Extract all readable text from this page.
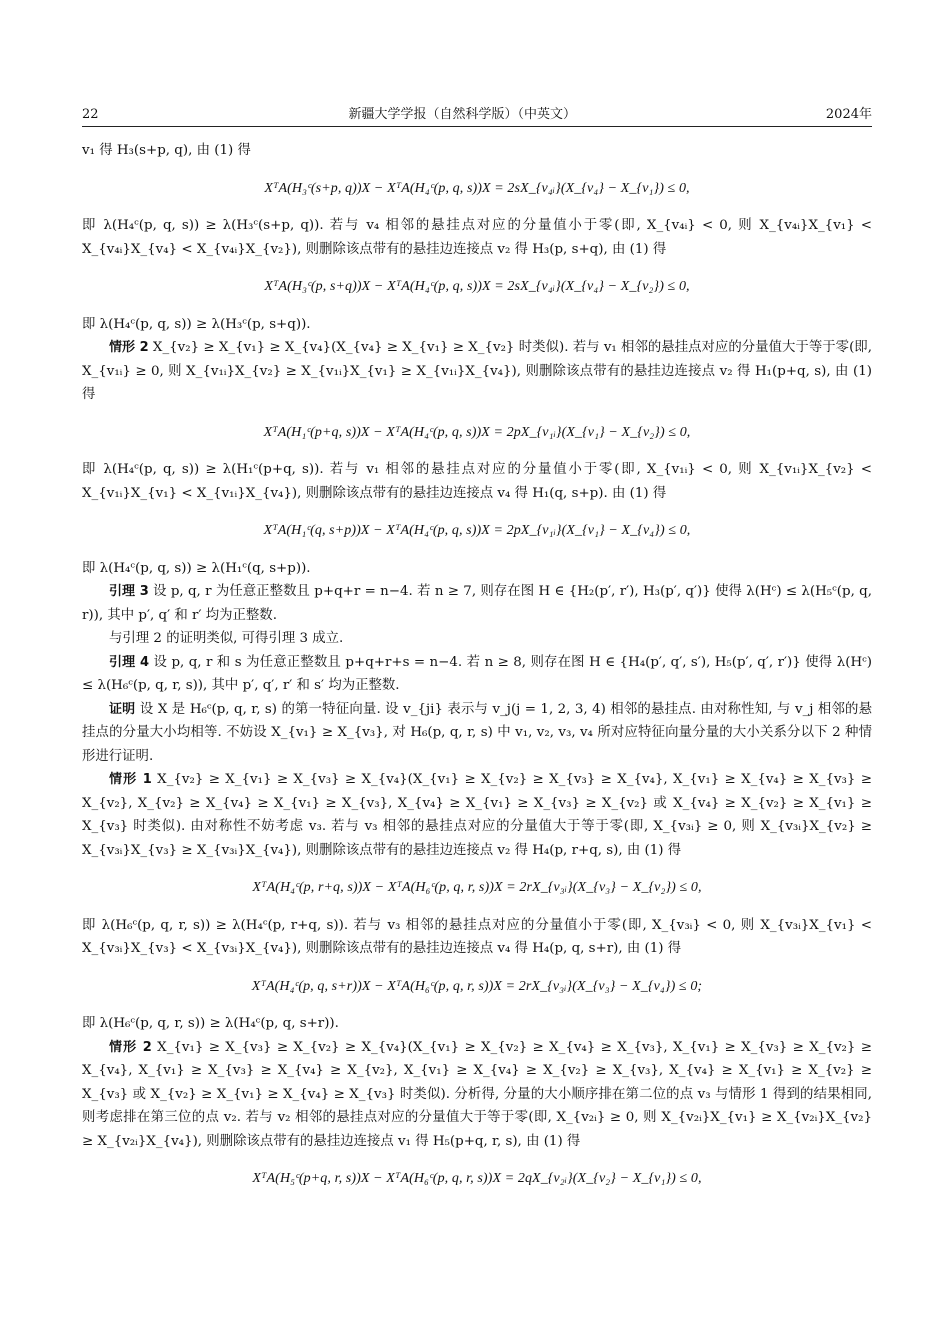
22	新疆大学学报（自然科学版）（中英文）	2024年

v₁ 得 H₃(s+p, q), 由 (1) 得

XᵀA(H₃ᶜ(s+p, q))X − XᵀA(H₄ᶜ(p, q, s))X = 2sX_{v₄ᵢ}(X_{v₄} − X_{v₁}) ≤ 0,

即 λ(H₄ᶜ(p, q, s)) ≥ λ(H₃ᶜ(s+p, q)). 若与 v₄ 相邻的悬挂点对应的分量值小于零(即, X_{v₄ᵢ} < 0, 则 X_{v₄ᵢ}X_{v₁} < X_{v₄ᵢ}X_{v₄} < X_{v₄ᵢ}X_{v₂}), 则删除该点带有的悬挂边连接点 v₂ 得 H₃(p, s+q), 由 (1) 得

XᵀA(H₃ᶜ(p, s+q))X − XᵀA(H₄ᶜ(p, q, s))X = 2sX_{v₄ᵢ}(X_{v₄} − X_{v₂}) ≤ 0,

即 λ(H₄ᶜ(p, q, s)) ≥ λ(H₃ᶜ(p, s+q)).

情形 2 X_{v₂} ≥ X_{v₁} ≥ X_{v₄}(X_{v₄} ≥ X_{v₁} ≥ X_{v₂} 时类似). 若与 v₁ 相邻的悬挂点对应的分量值大于等于零(即, X_{v₁ᵢ} ≥ 0, 则 X_{v₁ᵢ}X_{v₂} ≥ X_{v₁ᵢ}X_{v₁} ≥ X_{v₁ᵢ}X_{v₄}), 则删除该点带有的悬挂边连接点 v₂ 得 H₁(p+q, s), 由 (1) 得

XᵀA(H₁ᶜ(p+q, s))X − XᵀA(H₄ᶜ(p, q, s))X = 2pX_{v₁ᵢ}(X_{v₁} − X_{v₂}) ≤ 0,

即 λ(H₄ᶜ(p, q, s)) ≥ λ(H₁ᶜ(p+q, s)). 若与 v₁ 相邻的悬挂点对应的分量值小于零(即, X_{v₁ᵢ} < 0, 则 X_{v₁ᵢ}X_{v₂} < X_{v₁ᵢ}X_{v₁} < X_{v₁ᵢ}X_{v₄}), 则删除该点带有的悬挂边连接点 v₄ 得 H₁(q, s+p). 由 (1) 得

XᵀA(H₁ᶜ(q, s+p))X − XᵀA(H₄ᶜ(p, q, s))X = 2pX_{v₁ᵢ}(X_{v₁} − X_{v₄}) ≤ 0,

即 λ(H₄ᶜ(p, q, s)) ≥ λ(H₁ᶜ(q, s+p)).

引理 3 设 p, q, r 为任意正整数且 p+q+r = n−4. 若 n ≥ 7, 则存在图 H ∈ {H₂(p′, r′), H₃(p′, q′)} 使得 λ(Hᶜ) ≤ λ(H₅ᶜ(p, q, r)), 其中 p′, q′ 和 r′ 均为正整数.

与引理 2 的证明类似, 可得引理 3 成立.

引理 4 设 p, q, r 和 s 为任意正整数且 p+q+r+s = n−4. 若 n ≥ 8, 则存在图 H ∈ {H₄(p′, q′, s′), H₅(p′, q′, r′)} 使得 λ(Hᶜ) ≤ λ(H₆ᶜ(p, q, r, s)), 其中 p′, q′, r′ 和 s′ 均为正整数.

证明 设 X 是 H₆ᶜ(p, q, r, s) 的第一特征向量. 设 v_{ji} 表示与 v_j(j = 1, 2, 3, 4) 相邻的悬挂点. 由对称性知, 与 v_j 相邻的悬挂点的分量大小均相等. 不妨设 X_{v₁} ≥ X_{v₃}, 对 H₆(p, q, r, s) 中 v₁, v₂, v₃, v₄ 所对应特征向量分量的大小关系分以下 2 种情形进行证明.

情形 1 X_{v₂} ≥ X_{v₁} ≥ X_{v₃} ≥ X_{v₄}(X_{v₁} ≥ X_{v₂} ≥ X_{v₃} ≥ X_{v₄}, X_{v₁} ≥ X_{v₄} ≥ X_{v₃} ≥ X_{v₂}, X_{v₂} ≥ X_{v₄} ≥ X_{v₁} ≥ X_{v₃}, X_{v₄} ≥ X_{v₁} ≥ X_{v₃} ≥ X_{v₂} 或 X_{v₄} ≥ X_{v₂} ≥ X_{v₁} ≥ X_{v₃} 时类似). 由对称性不妨考虑 v₃. 若与 v₃ 相邻的悬挂点对应的分量值大于等于零(即, X_{v₃ᵢ} ≥ 0, 则 X_{v₃ᵢ}X_{v₂} ≥ X_{v₃ᵢ}X_{v₃} ≥ X_{v₃ᵢ}X_{v₄}), 则删除该点带有的悬挂边连接点 v₂ 得 H₄(p, r+q, s), 由 (1) 得

XᵀA(H₄ᶜ(p, r+q, s))X − XᵀA(H₆ᶜ(p, q, r, s))X = 2rX_{v₃ᵢ}(X_{v₃} − X_{v₂}) ≤ 0,

即 λ(H₆ᶜ(p, q, r, s)) ≥ λ(H₄ᶜ(p, r+q, s)). 若与 v₃ 相邻的悬挂点对应的分量值小于零(即, X_{v₃ᵢ} < 0, 则 X_{v₃ᵢ}X_{v₁} < X_{v₃ᵢ}X_{v₃} < X_{v₃ᵢ}X_{v₄}), 则删除该点带有的悬挂边连接点 v₄ 得 H₄(p, q, s+r), 由 (1) 得

XᵀA(H₄ᶜ(p, q, s+r))X − XᵀA(H₆ᶜ(p, q, r, s))X = 2rX_{v₃ᵢ}(X_{v₃} − X_{v₄}) ≤ 0;

即 λ(H₆ᶜ(p, q, r, s)) ≥ λ(H₄ᶜ(p, q, s+r)).

情形 2 X_{v₁} ≥ X_{v₃} ≥ X_{v₂} ≥ X_{v₄}(X_{v₁} ≥ X_{v₂} ≥ X_{v₄} ≥ X_{v₃}, X_{v₁} ≥ X_{v₃} ≥ X_{v₂} ≥ X_{v₄}, X_{v₁} ≥ X_{v₃} ≥ X_{v₄} ≥ X_{v₂}, X_{v₁} ≥ X_{v₄} ≥ X_{v₂} ≥ X_{v₃}, X_{v₄} ≥ X_{v₁} ≥ X_{v₂} ≥ X_{v₃} 或 X_{v₂} ≥ X_{v₁} ≥ X_{v₄} ≥ X_{v₃} 时类似). 分析得, 分量的大小顺序排在第二位的点 v₃ 与情形 1 得到的结果相同, 则考虑排在第三位的点 v₂. 若与 v₂ 相邻的悬挂点对应的分量值大于等于零(即, X_{v₂ᵢ} ≥ 0, 则 X_{v₂ᵢ}X_{v₁} ≥ X_{v₂ᵢ}X_{v₂} ≥ X_{v₂ᵢ}X_{v₄}), 则删除该点带有的悬挂边连接点 v₁ 得 H₅(p+q, r, s), 由 (1) 得

XᵀA(H₅ᶜ(p+q, r, s))X − XᵀA(H₆ᶜ(p, q, r, s))X = 2qX_{v₂ᵢ}(X_{v₂} − X_{v₁}) ≤ 0,
